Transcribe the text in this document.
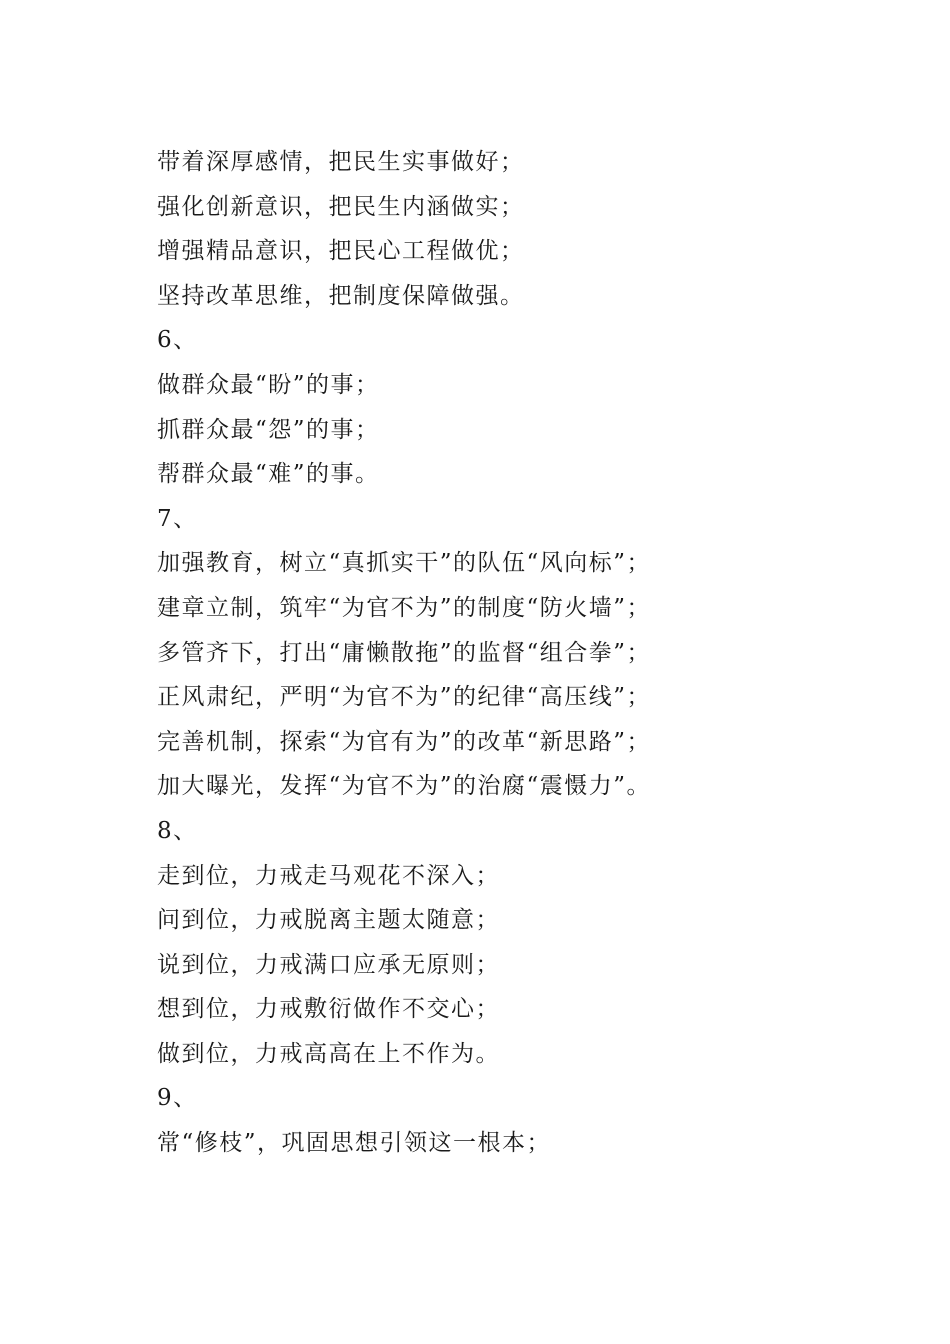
带着深厚感情，把民生实事做好；
强化创新意识，把民生内涵做实；
增强精品意识，把民心工程做优；
坚持改革思维，把制度保障做强。
6、
做群众最“盼”的事；
抓群众最“怨”的事；
帮群众最“难”的事。
7、
加强教育，树立“真抓实干”的队伍“风向标”；
建章立制，筑牢“为官不为”的制度“防火墙”；
多管齐下，打出“庸懒散拖”的监督“组合拳”；
正风肃纪，严明“为官不为”的纪律“高压线”；
完善机制，探索“为官有为”的改革“新思路”；
加大曝光，发挥“为官不为”的治腐“震慑力”。
8、
走到位，力戒走马观花不深入；
问到位，力戒脱离主题太随意；
说到位，力戒满口应承无原则；
想到位，力戒敷衍做作不交心；
做到位，力戒高高在上不作为。
9、
常“修枝”，巩固思想引领这一根本；
